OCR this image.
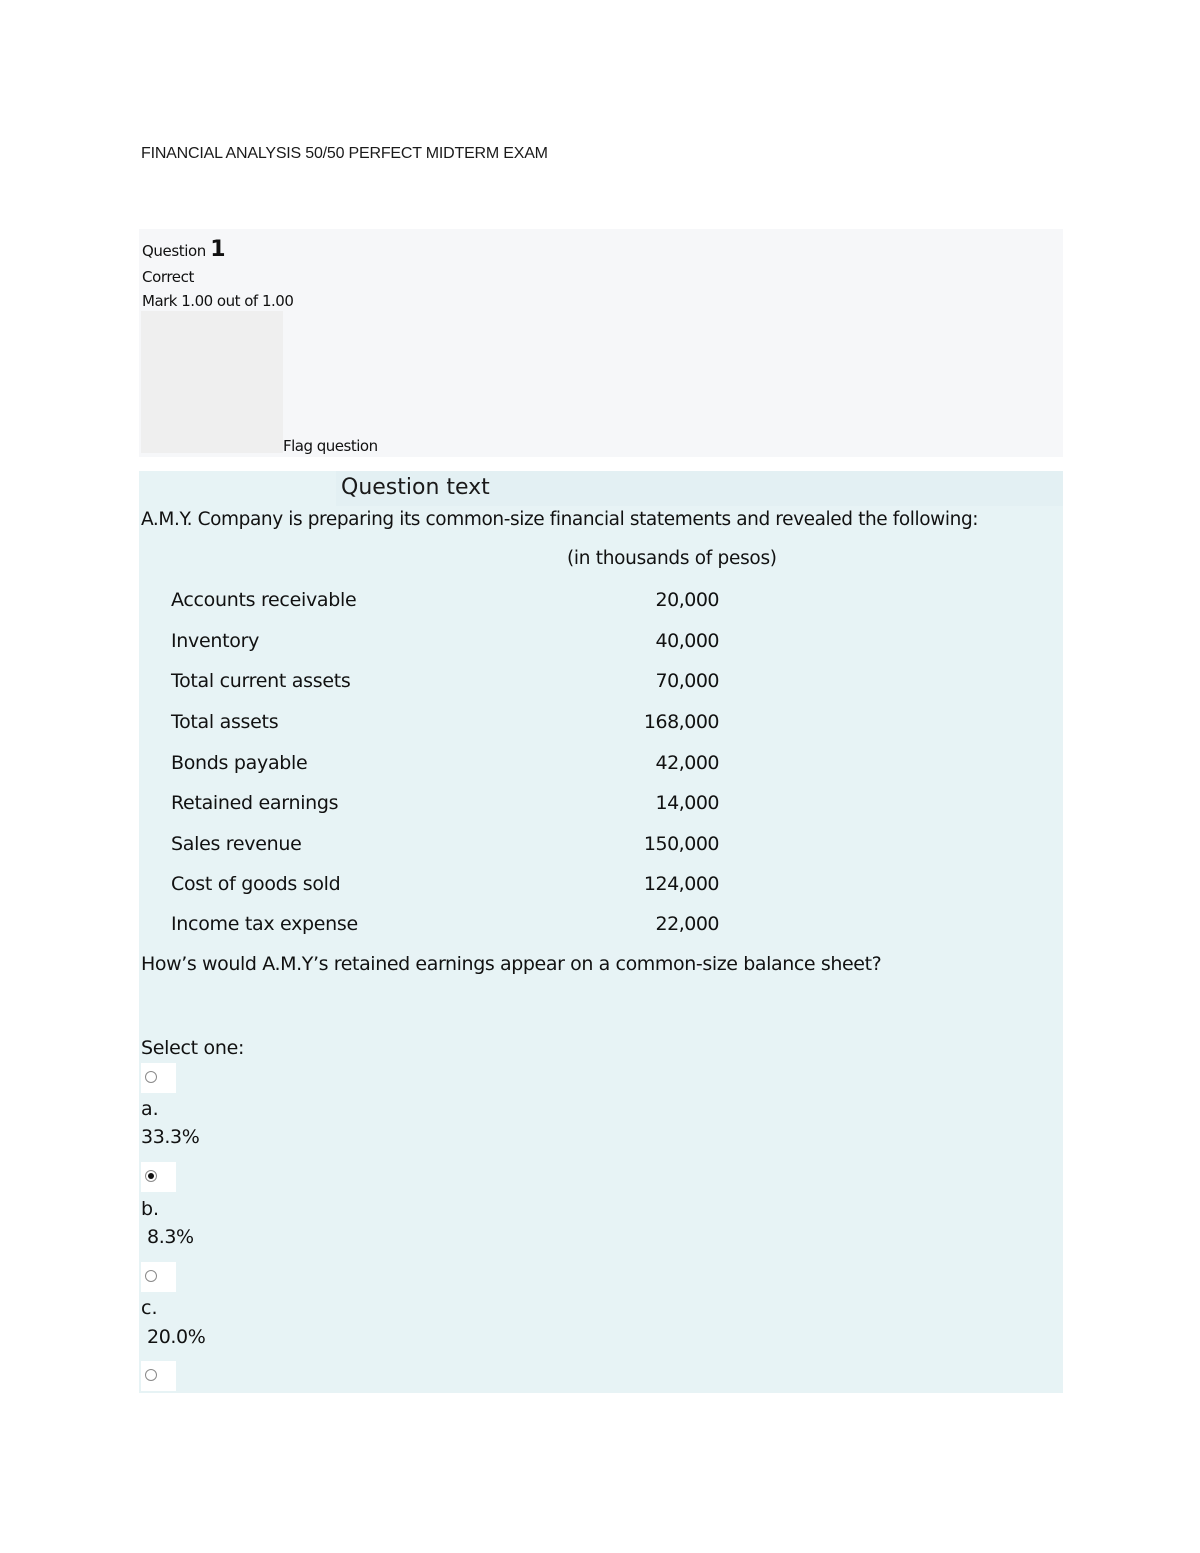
FINANCIAL ANALYSIS 50/50 PERFECT MIDTERM EXAM
Question 1
Correct
Mark 1.00 out of 1.00
Flag question
Question text
A.M.Y. Company is preparing its common-size financial statements and revealed the following:
(in thousands of pesos)
Accounts receivable	20,000
Inventory	40,000
Total current assets	70,000
Total assets	168,000
Bonds payable	42,000
Retained earnings	14,000
Sales revenue	150,000
Cost of goods sold	124,000
Income tax expense	22,000
How’s would A.M.Y’s retained earnings appear on a common-size balance sheet?
Select one:
a.
33.3%
b.
8.3%
c.
20.0%
